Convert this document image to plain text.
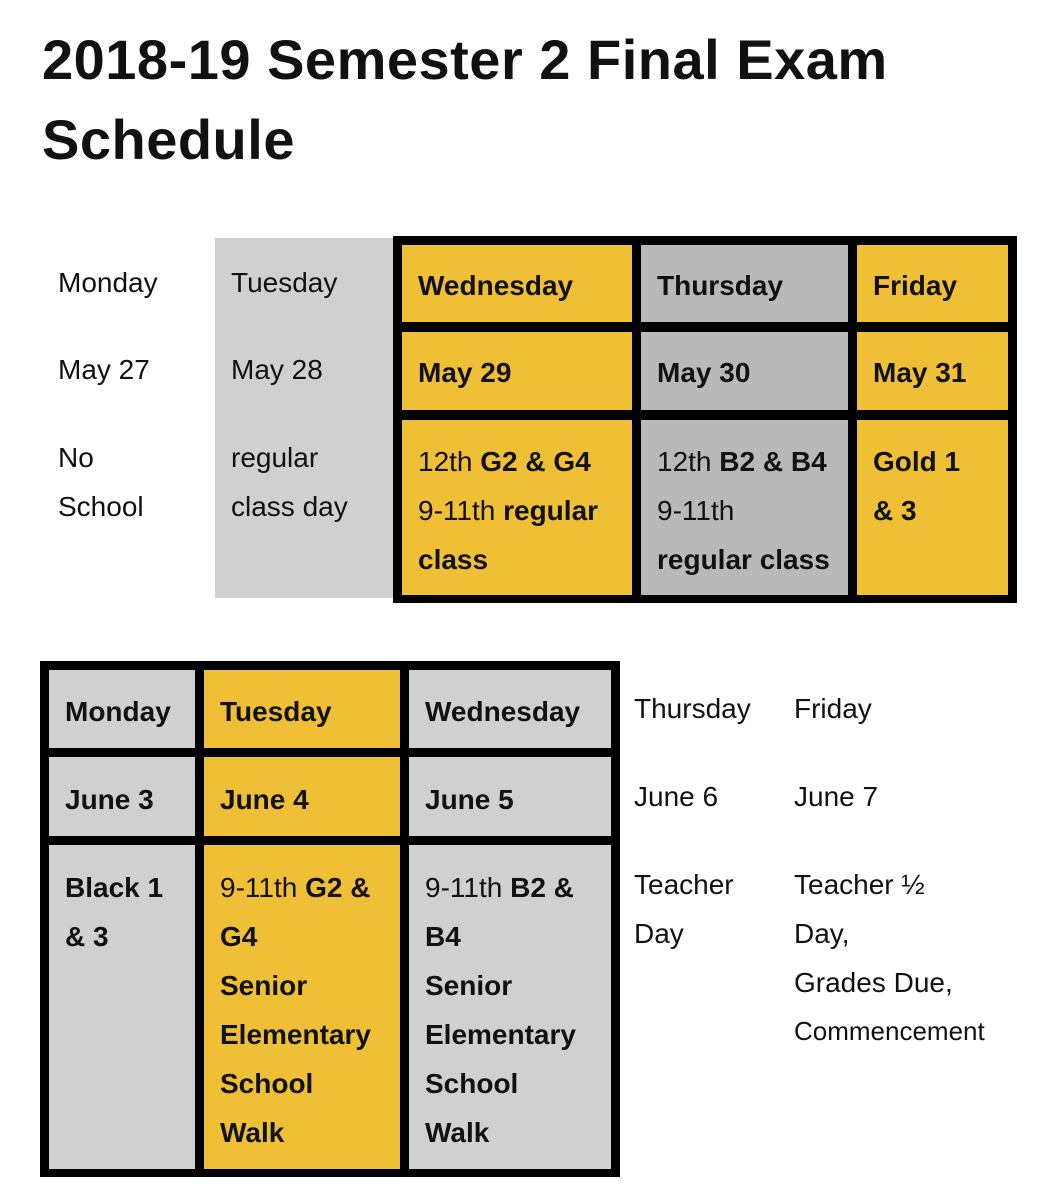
2018-19 Semester 2 Final Exam Schedule
Monday
May 27
No
School
Tuesday
May 28
regular
class day
Wednesday
May 29
12th G2 & G4
9-11th regular
class
Thursday
May 30
12th B2 & B4
9-11th
regular class
Friday
May 31
Gold 1
& 3
Monday
June 3
Black 1
& 3
Tuesday
June 4
9-11th G2 &
G4
Senior
Elementary
School
Walk
Wednesday
June 5
9-11th B2 &
B4
Senior
Elementary
School
Walk
Thursday
June 6
Teacher
Day
Friday
June 7
Teacher ½
Day,
Grades Due,
Commencement
